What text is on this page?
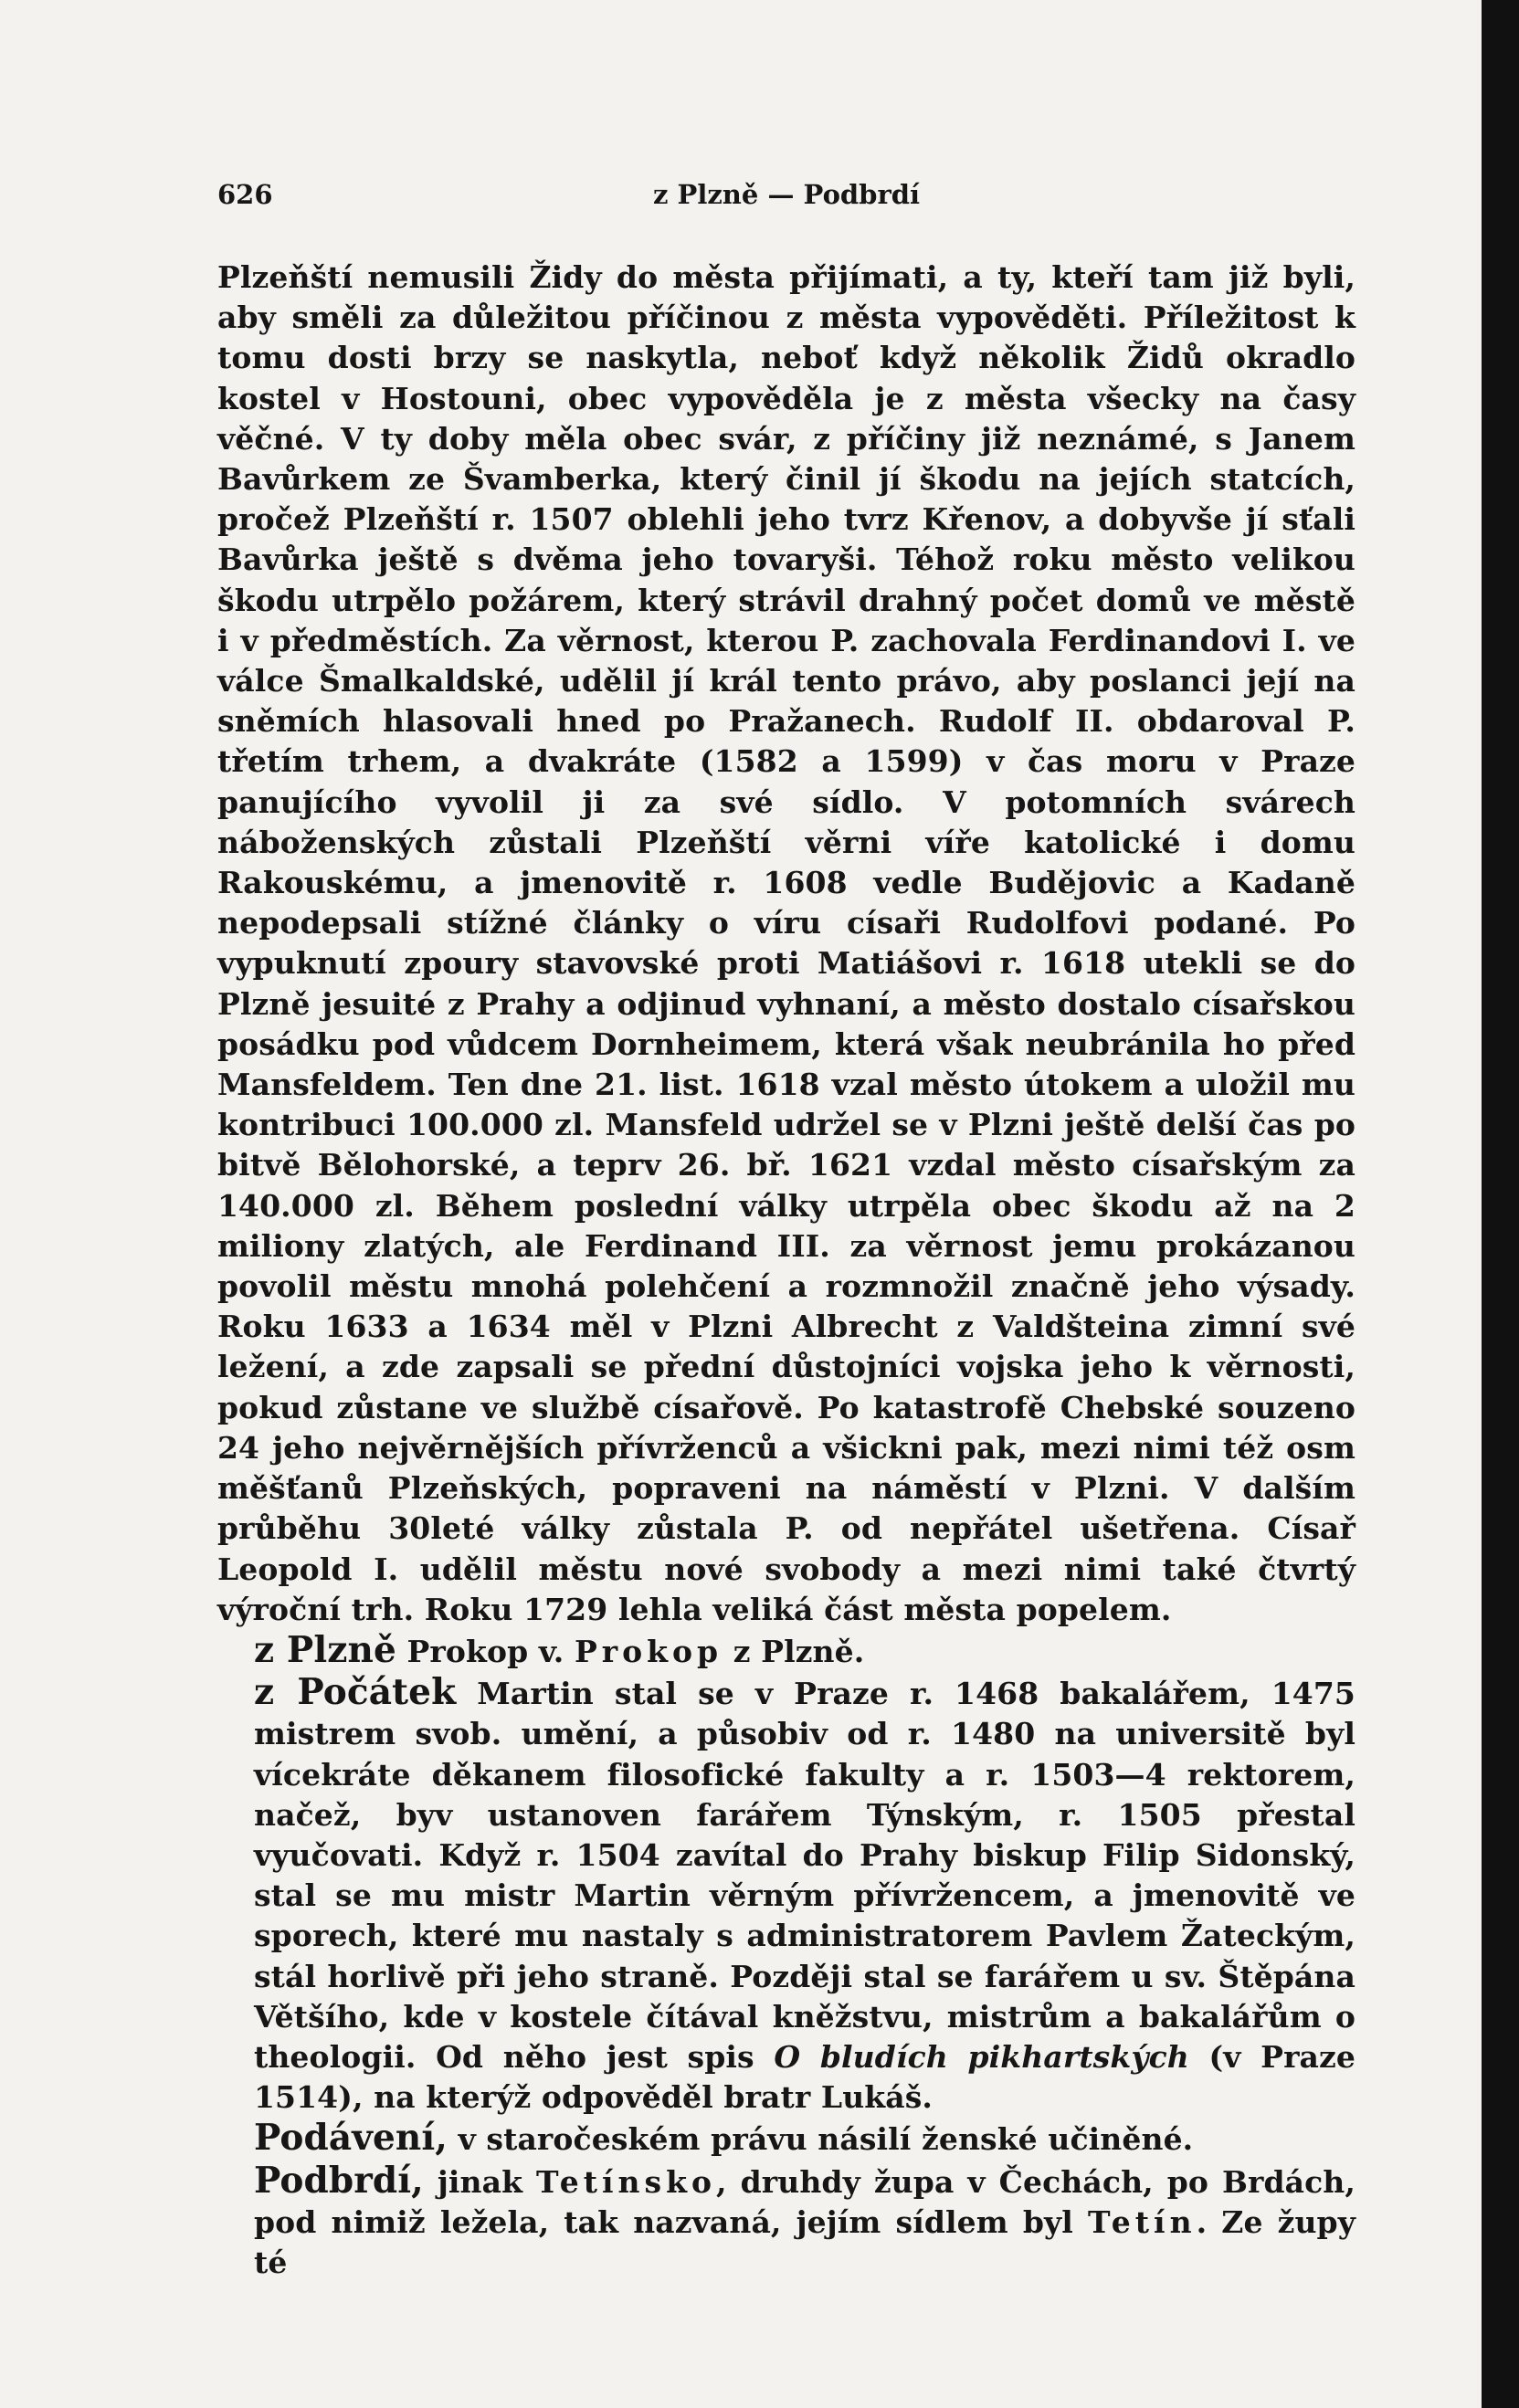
626	z Plzně — Podbrdí

Plzeňští nemusili Židy do města přijímati, a ty, kteří tam již byli, aby směli za důležitou příčinou z města vypověděti. Příležitost k tomu dosti brzy se naskytla, neboť když několik Židů okradlo kostel v Hostouni, obec vypověděla je z města všecky na časy věčné. V ty doby měla obec svár, z příčiny již neznámé, s Janem Bavůrkem ze Švamberka, který činil jí škodu na jejích statcích, pročež Plzeňští r. 1507 oblehli jeho tvrz Křenov, a dobyvše jí sťali Bavůrka ještě s dvěma jeho tovaryši. Téhož roku město velikou škodu utrpělo požárem, který strávil drahný počet domů ve městě i v předměstích. Za věrnost, kterou P. zachovala Ferdinandovi I. ve válce Šmalkaldské, udělil jí král tento právo, aby poslanci její na sněmích hlasovali hned po Pražanech. Rudolf II. obdaroval P. třetím trhem, a dvakráte (1582 a 1599) v čas moru v Praze panujícího vyvolil ji za své sídlo. V potomních svárech náboženských zůstali Plzeňští věrni víře katolické i domu Rakouskému, a jmenovitě r. 1608 vedle Budějovic a Kadaně nepodepsali stížné články o víru císaři Rudolfovi podané. Po vypuknutí zpoury stavovské proti Matiášovi r. 1618 utekli se do Plzně jesuité z Prahy a odjinud vyhnaní, a město dostalo císařskou posádku pod vůdcem Dornheimem, která však neubránila ho před Mansfeldem. Ten dne 21. list. 1618 vzal město útokem a uložil mu kontribuci 100.000 zl. Mansfeld udržel se v Plzni ještě delší čas po bitvě Bělohorské, a teprv 26. bř. 1621 vzdal město císařským za 140.000 zl. Během poslední války utrpěla obec škodu až na 2 miliony zlatých, ale Ferdinand III. za věrnost jemu prokázanou povolil městu mnohá polehčení a rozmnožil značně jeho výsady. Roku 1633 a 1634 měl v Plzni Albrecht z Valdšteina zimní své ležení, a zde zapsali se přední důstojníci vojska jeho k věrnosti, pokud zůstane ve službě císařově. Po katastrofě Chebské souzeno 24 jeho nejvěrnějších přívrženců a všickni pak, mezi nimi též osm měšťanů Plzeňských, popraveni na náměstí v Plzni. V dalším průběhu 30leté války zůstala P. od nepřátel ušetřena. Císař Leopold I. udělil městu nové svobody a mezi nimi také čtvrtý výroční trh. Roku 1729 lehla veliká část města popelem.

z Plzně Prokop v. Prokop z Plzně.

z Počátek Martin stal se v Praze r. 1468 bakalářem, 1475 mistrem svob. umění, a působiv od r. 1480 na universitě byl vícekráte děkanem filosofické fakulty a r. 1503—4 rektorem, načež, byv ustanoven farářem Týnským, r. 1505 přestal vyučovati. Když r. 1504 zavítal do Prahy biskup Filip Sidonský, stal se mu mistr Martin věrným přívržencem, a jmenovitě ve sporech, které mu nastaly s administratorem Pavlem Žateckým, stál horlivě při jeho straně. Později stal se farářem u sv. Štěpána Většího, kde v kostele čítával kněžstvu, mistrům a bakalářům o theologii. Od něho jest spis O bludích pikhartských (v Praze 1514), na kterýž odpověděl bratr Lukáš.

Podávení, v staročeském právu násilí ženské učiněné.

Podbrdí, jinak Tetínsko, druhdy župa v Čechách, po Brdách, pod nimiž ležela, tak nazvaná, jejím sídlem byl Tetín. Ze župy té
